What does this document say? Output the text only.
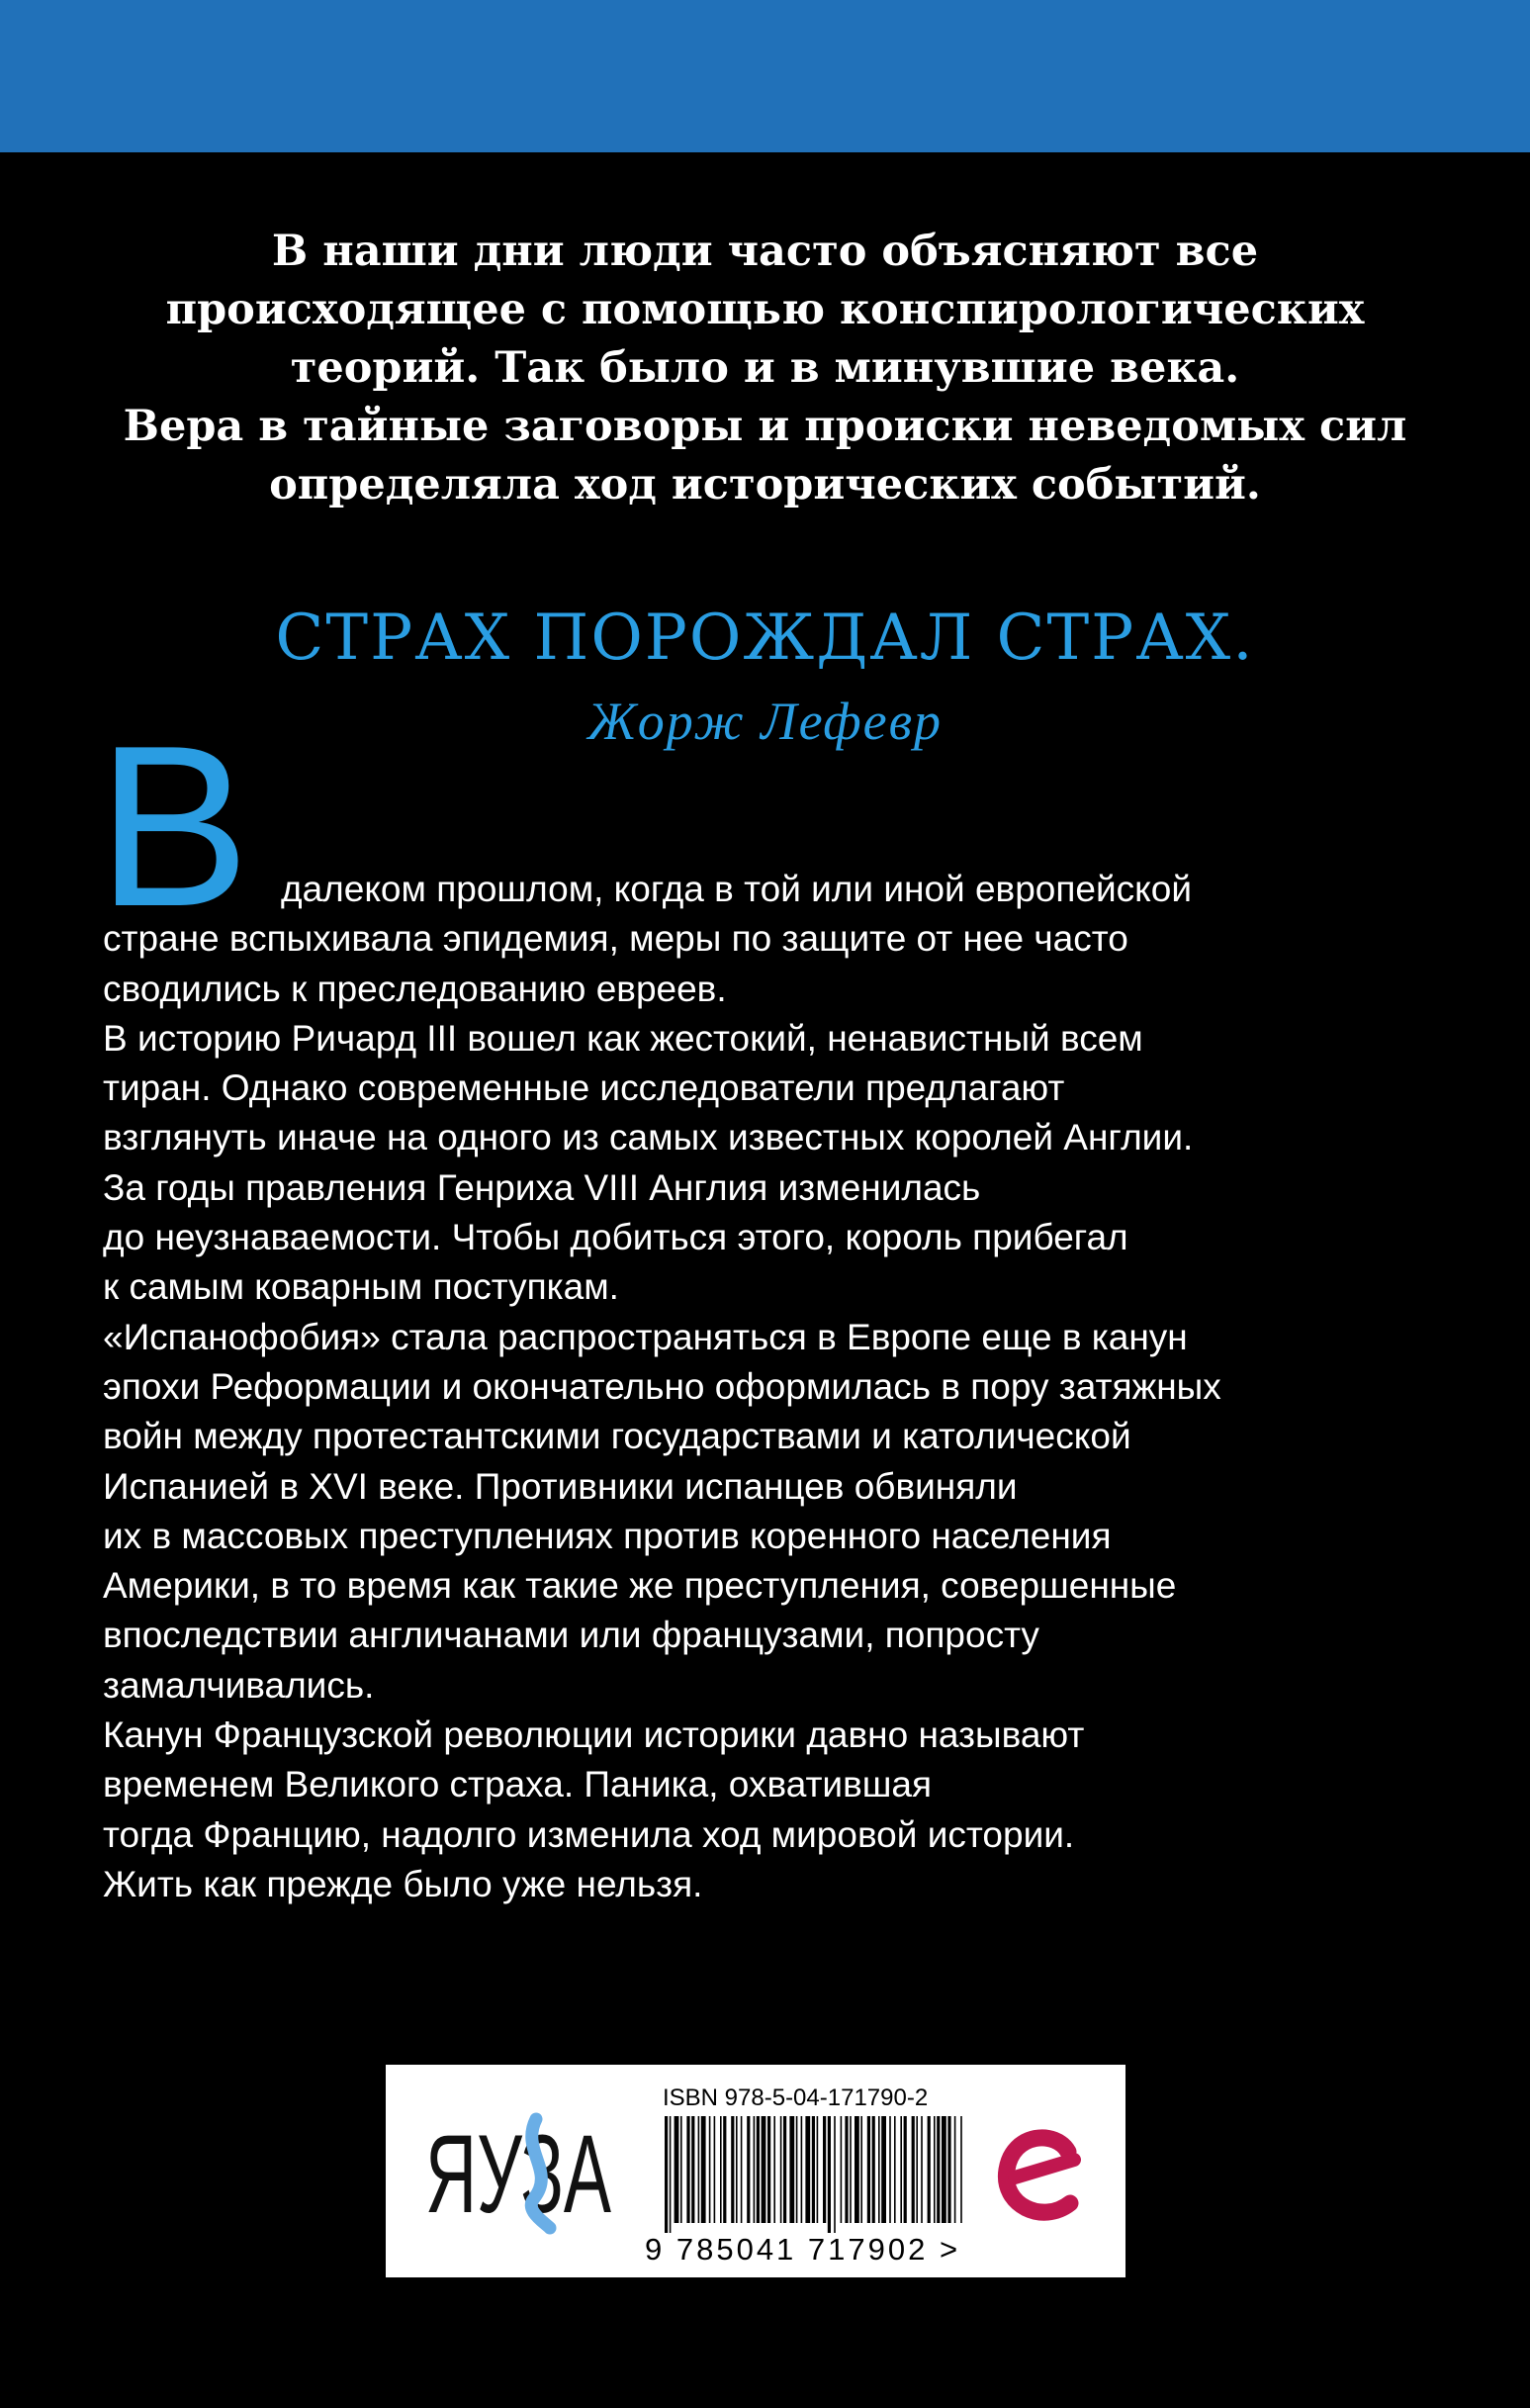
В наши дни люди часто объясняют все
происходящее с помощью конспирологических
теорий. Так было и в минувшие века.
Вера в тайные заговоры и происки неведомых сил
определяла ход исторических событий.
СТРАХ ПОРОЖДАЛ СТРАХ.
Жорж Лефевр
В далеком прошлом, когда в той или иной европейской
стране вспыхивала эпидемия, меры по защите от нее часто
сводились к преследованию евреев.
В историю Ричард III вошел как жестокий, ненавистный всем
тиран. Однако современные исследователи предлагают
взглянуть иначе на одного из самых известных королей Англии.
За годы правления Генриха VIII Англия изменилась
до неузнаваемости. Чтобы добиться этого, король прибегал
к самым коварным поступкам.
«Испанофобия» стала распространяться в Европе еще в канун
эпохи Реформации и окончательно оформилась в пору затяжных
войн между протестантскими государствами и католической
Испанией в XVI веке. Противники испанцев обвиняли
их в массовых преступлениях против коренного населения
Америки, в то время как такие же преступления, совершенные
впоследствии англичанами или французами, попросту
замалчивались.
Канун Французской революции историки давно называют
временем Великого страха. Паника, охватившая
тогда Францию, надолго изменила ход мировой истории.
Жить как прежде было уже нельзя.
ЯУЗА
ISBN 978-5-04-171790-2
9 785041 717902 >
